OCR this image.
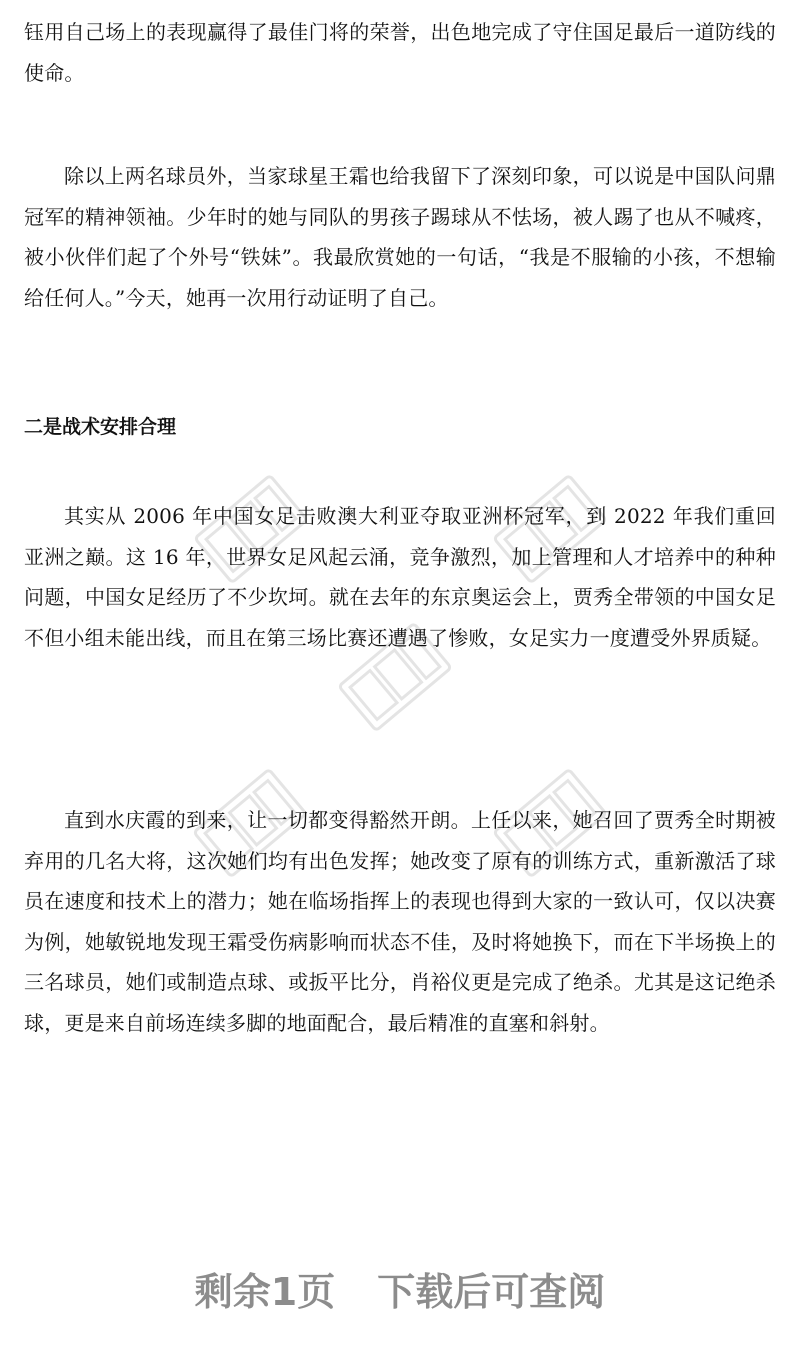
钰用自己场上的表现赢得了最佳门将的荣誉，出色地完成了守住国足最后一道防线的使命。

除以上两名球员外，当家球星王霜也给我留下了深刻印象，可以说是中国队问鼎冠军的精神领袖。少年时的她与同队的男孩子踢球从不怯场，被人踢了也从不喊疼，被小伙伴们起了个外号“铁妹”。我最欣赏她的一句话，“我是不服输的小孩，不想输给任何人。”今天，她再一次用行动证明了自己。

二是战术安排合理

其实从 2006 年中国女足击败澳大利亚夺取亚洲杯冠军，到 2022 年我们重回亚洲之巅。这 16 年，世界女足风起云涌，竞争激烈，加上管理和人才培养中的种种问题，中国女足经历了不少坎坷。就在去年的东京奥运会上，贾秀全带领的中国女足不但小组未能出线，而且在第三场比赛还遭遇了惨败，女足实力一度遭受外界质疑。

直到水庆霞的到来，让一切都变得豁然开朗。上任以来，她召回了贾秀全时期被弃用的几名大将，这次她们均有出色发挥；她改变了原有的训练方式，重新激活了球员在速度和技术上的潜力；她在临场指挥上的表现也得到大家的一致认可，仅以决赛为例，她敏锐地发现王霜受伤病影响而状态不佳，及时将她换下，而在下半场换上的三名球员，她们或制造点球、或扳平比分，肖裕仪更是完成了绝杀。尤其是这记绝杀球，更是来自前场连续多脚的地面配合，最后精准的直塞和斜射。

剩余1页 下载后可查阅
